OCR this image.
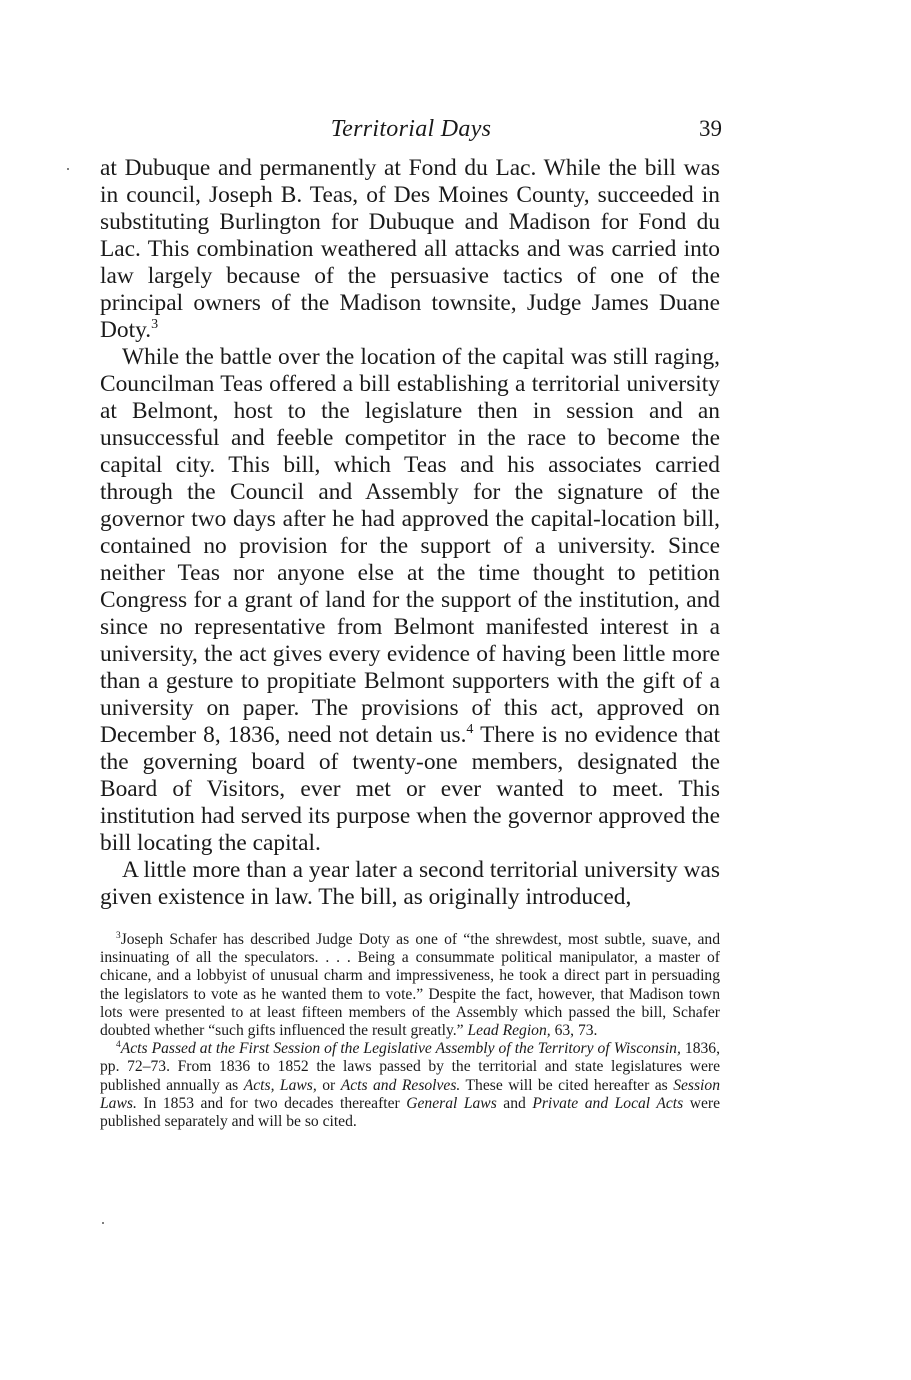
Territorial Days	39

at Dubuque and permanently at Fond du Lac. While the bill was in council, Joseph B. Teas, of Des Moines County, succeeded in substituting Burlington for Dubuque and Madison for Fond du Lac. This combination weathered all attacks and was carried into law largely because of the persuasive tactics of one of the principal owners of the Madison townsite, Judge James Duane Doty.$^3$

While the battle over the location of the capital was still raging, Councilman Teas offered a bill establishing a territorial university at Belmont, host to the legislature then in session and an unsuccessful and feeble competitor in the race to become the capital city. This bill, which Teas and his associates carried through the Council and Assembly for the signature of the governor two days after he had approved the capital-location bill, contained no provision for the support of a university. Since neither Teas nor anyone else at the time thought to petition Congress for a grant of land for the support of the institution, and since no representative from Belmont manifested interest in a university, the act gives every evidence of having been little more than a gesture to propitiate Belmont supporters with the gift of a university on paper. The provisions of this act, approved on December 8, 1836, need not detain us.$^4$ There is no evidence that the governing board of twenty-one members, designated the Board of Visitors, ever met or ever wanted to meet. This institution had served its purpose when the governor approved the bill locating the capital.

A little more than a year later a second territorial university was given existence in law. The bill, as originally introduced,

$^3$Joseph Schafer has described Judge Doty as one of “the shrewdest, most subtle, suave, and insinuating of all the speculators. . . . Being a consummate political manipulator, a master of chicane, and a lobbyist of unusual charm and impressiveness, he took a direct part in persuading the legislators to vote as he wanted them to vote.” Despite the fact, however, that Madison town lots were presented to at least fifteen members of the Assembly which passed the bill, Schafer doubted whether “such gifts influenced the result greatly.” Lead Region, 63, 73.

$^4$Acts Passed at the First Session of the Legislative Assembly of the Territory of Wisconsin, 1836, pp. 72–73. From 1836 to 1852 the laws passed by the territorial and state legislatures were published annually as Acts, Laws, or Acts and Resolves. These will be cited hereafter as Session Laws. In 1853 and for two decades thereafter General Laws and Private and Local Acts were published separately and will be so cited.
